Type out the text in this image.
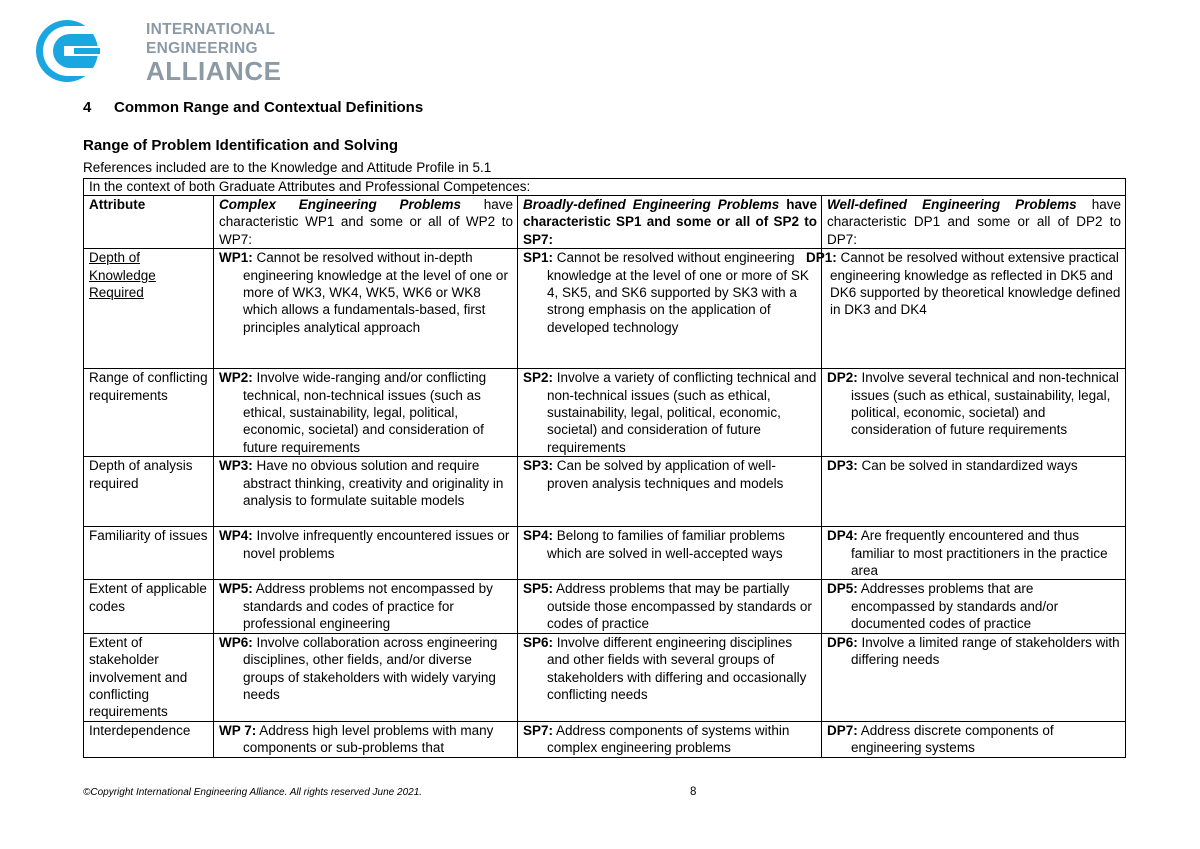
INTERNATIONAL
ENGINEERING
ALLIANCE
4 Common Range and Contextual Definitions
Range of Problem Identification and Solving
References included are to the Knowledge and Attitude Profile in 5.1
In the context of both Graduate Attributes and Professional Competences:			
Attribute	Complex Engineering Problems have characteristic WP1 and some or all of WP2 to WP7:	Broadly-defined Engineering Problems have characteristic SP1 and some or all of SP2 to SP7:	Well-defined Engineering Problems have characteristic DP1 and some or all of DP2 to DP7:

Depth of Knowledge Required	WP1: Cannot be resolved without in-depth engineering knowledge at the level of one or more of WK3, WK4, WK5, WK6 or WK8 which allows a fundamentals-based, first principles analytical approach	SP1: Cannot be resolved without engineering knowledge at the level of one or more of SK 4, SK5, and SK6 supported by SK3 with a strong emphasis on the application of developed technology	DP1: Cannot be resolved without extensive practical engineering knowledge as reflected in DK5 and DK6 supported by theoretical knowledge defined in DK3 and DK4

Range of conflicting requirements	WP2: Involve wide-ranging and/or conflicting technical, non-technical issues (such as ethical, sustainability, legal, political, economic, societal) and consideration of future requirements	SP2: Involve a variety of conflicting technical and non-technical issues (such as ethical, sustainability, legal, political, economic, societal) and consideration of future requirements	DP2: Involve several technical and non-technical issues (such as ethical, sustainability, legal, political, economic, societal) and consideration of future requirements

Depth of analysis required	WP3: Have no obvious solution and require abstract thinking, creativity and originality in analysis to formulate suitable models	SP3: Can be solved by application of well-proven analysis techniques and models	DP3: Can be solved in standardized ways

Familiarity of issues	WP4: Involve infrequently encountered issues or novel problems	SP4: Belong to families of familiar problems which are solved in well-accepted ways	DP4: Are frequently encountered and thus familiar to most practitioners in the practice area

Extent of applicable codes	WP5: Address problems not encompassed by standards and codes of practice for professional engineering	SP5: Address problems that may be partially outside those encompassed by standards or codes of practice	DP5: Addresses problems that are encompassed by standards and/or documented codes of practice

Extent of stakeholder involvement and conflicting requirements	WP6: Involve collaboration across engineering disciplines, other fields, and/or diverse groups of stakeholders with widely varying needs	SP6: Involve different engineering disciplines and other fields with several groups of stakeholders with differing and occasionally conflicting needs	DP6: Involve a limited range of stakeholders with differing needs

Interdependence	WP 7: Address high level problems with many components or sub-problems that	SP7: Address components of systems within complex engineering problems	DP7: Address discrete components of engineering systems

©Copyright International Engineering Alliance. All rights reserved June 2021.	8
